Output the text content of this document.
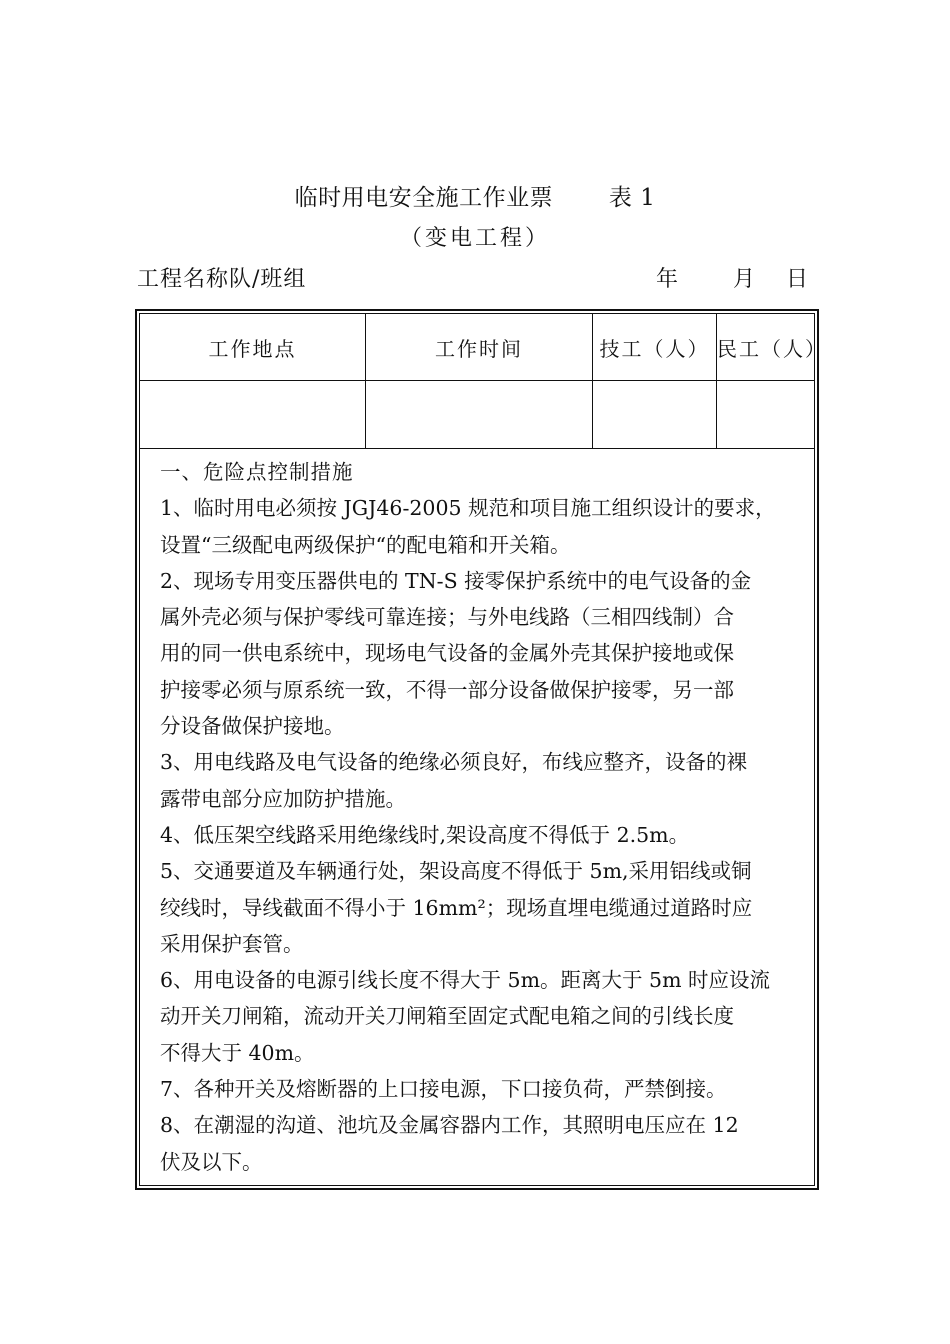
临时用电安全施工作业票 表 1
（变电工程）
工程名称队/班组	年 月 日
工作地点	工作时间	技工（人） 民工（人）

一、危险点控制措施

1、临时用电必须按 JGJ46-2005 规范和项目施工组织设计的要求，

设置“三级配电两级保护“的配电箱和开关箱。

2、现场专用变压器供电的 TN-S 接零保护系统中的电气设备的金

属外壳必须与保护零线可靠连接；与外电线路（三相四线制）合

用的同一供电系统中，现场电气设备的金属外壳其保护接地或保

护接零必须与原系统一致，不得一部分设备做保护接零，另一部

分设备做保护接地。

3、用电线路及电气设备的绝缘必须良好，布线应整齐，设备的裸

露带电部分应加防护措施。

4、低压架空线路采用绝缘线时,架设高度不得低于 2.5m。

5、交通要道及车辆通行处，架设高度不得低于 5m,采用铝线或铜

绞线时，导线截面不得小于 16mm²；现场直埋电缆通过道路时应

采用保护套管。

6、用电设备的电源引线长度不得大于 5m。距离大于 5m 时应设流

动开关刀闸箱，流动开关刀闸箱至固定式配电箱之间的引线长度

不得大于 40m。

7、各种开关及熔断器的上口接电源，下口接负荷，严禁倒接。

8、在潮湿的沟道、池坑及金属容器内工作，其照明电压应在 12

伏及以下。
